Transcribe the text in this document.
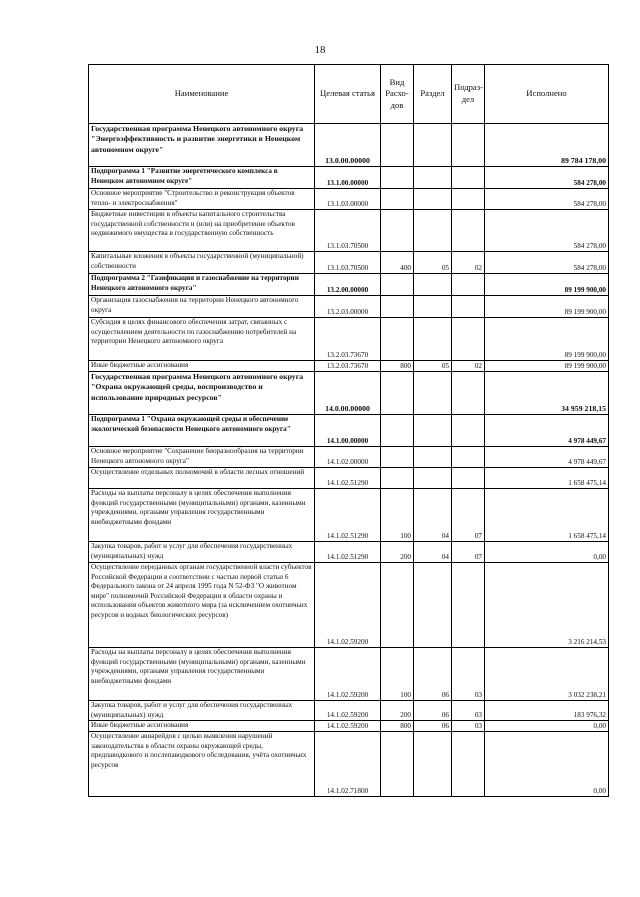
18
Наименование	Целевая статья	Вид Расхо-дов	Раздел	Подраз-дел	Исполнено
Государственная программа Ненецкого автономного округа "Энергоэффективность и развитие энергетики в Ненецком автономном округе"	13.0.00.00000				89 784 178,00
Подпрограмма 1 "Развитие энергетического комплекса в Ненецком автономном округе"	13.1.00.00000				584 278,00
Основное мероприятие "Строительство и реконструкция объектов тепло- и электроснабжения"	13.1.03.00000				584 278,00
Бюджетные инвестиции в объекты капитального строительства государственной собственности и (или) на приобретение объектов недвижимого имущества в государственную собственность	13.1.03.70500				584 278,00
Капитальные вложения в объекты государственной (муниципальной) собственности	13.1.03.70500	400	05	02	584 278,00
Подпрограмма 2 "Газификация и газоснабжение на территории Ненецкого автономного округа"	13.2.00.00000				89 199 900,00
Организация газоснабжения на территории Ненецкого автономного округа	13.2.03.00000				89 199 900,00
Субсидия в целях финансового обеспечения затрат, связанных с осуществлением деятельности по газоснабжению потребителей на территории Ненецкого автономного округа	13.2.03.73670				89 199 900,00
Иные бюджетные ассигнования	13.2.03.73670	800	05	02	89 199 900,00
Государственная программа Ненецкого автономного округа "Охрана окружающей среды, воспроизводство и использование природных ресурсов"	14.0.00.00000				34 959 218,15
Подпрограмма 1 "Охрана окружающей среды и обеспечение экологической безопасности Ненецкого автономного округа"	14.1.00.00000				4 978 449,67
Основное мероприятие "Сохранение биоразнообразия на территории Ненецкого автономного округа"	14.1.02.00000				4 978 449,67
Осуществление отдельных полномочий в области лесных отношений	14.1.02.51290				1 658 475,14
Расходы на выплаты персоналу в целях обеспечения выполнения функций государственными (муниципальными) органами, казенными учреждениями, органами управления государственными внебюджетными фондами	14.1.02.51290	100	04	07	1 658 475,14
Закупка товаров, работ и услуг для обеспечения государственных (муниципальных) нужд	14.1.02.51290	200	04	07	0,00
Осуществление переданных органам государственной власти субъектов Российской Федерации в соответствии с частью первой статьи 6 Федерального закона от 24 апреля 1995 года N 52-ФЗ "О животном мире" полномочий Российской Федерации в области охраны и использования объектов животного мира (за исключением охотничьих ресурсов и водных биологических ресурсов)	14.1.02.59200				3 216 214,53
Расходы на выплаты персоналу в целях обеспечения выполнения функций государственными (муниципальными) органами, казенными учреждениями, органами управления государственными внебюджетными фондами	14.1.02.59200	100	06	03	3 032 238,21
Закупка товаров, работ и услуг для обеспечения государственных (муниципальных) нужд	14.1.02.59200	200	06	03	183 976,32
Иные бюджетные ассигнования	14.1.02.59200	800	06	03	0,00
Осуществление авиарейдов с целью выявления нарушений законодательства в области охраны окружающей среды, предпаводкового и послепаводкового обследования, учёта охотничьих ресурсов	14.1.02.71800				0,00
